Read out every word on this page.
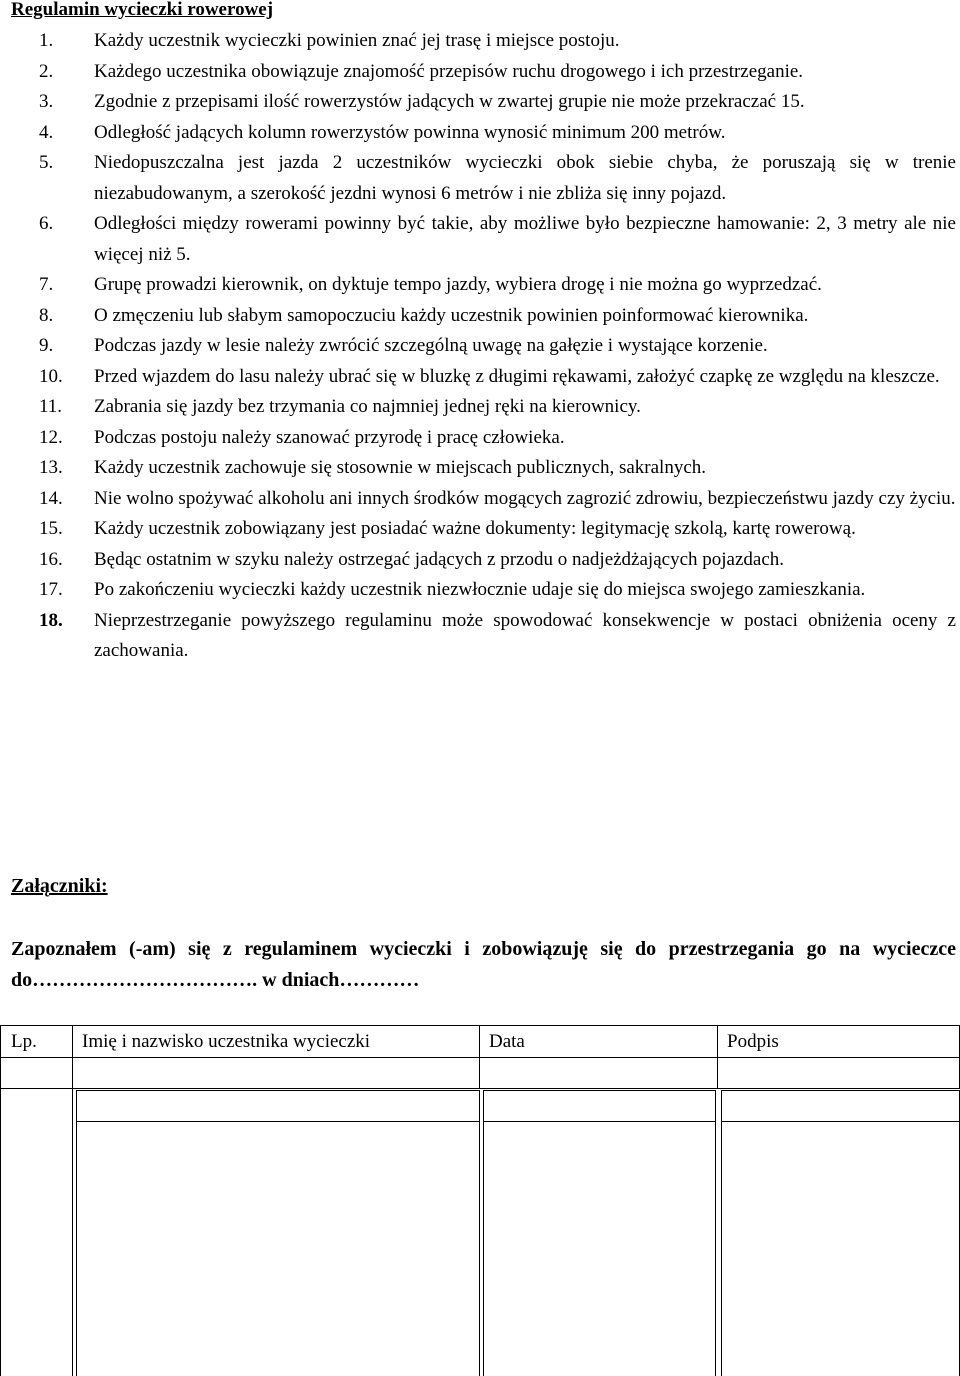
Regulamin wycieczki rowerowej
1.	Każdy uczestnik wycieczki powinien znać jej trasę i miejsce postoju.
2.	Każdego uczestnika obowiązuje znajomość przepisów ruchu drogowego i ich przestrzeganie.
3.	Zgodnie z przepisami ilość rowerzystów jadących w zwartej grupie nie może przekraczać 15.
4.	Odległość jadących kolumn rowerzystów powinna wynosić minimum 200 metrów.
5.	Niedopuszczalna jest jazda 2 uczestników wycieczki obok siebie chyba, że poruszają się w trenie niezabudowanym, a szerokość jezdni wynosi 6 metrów i nie zbliża się inny pojazd.
6.	Odległości między rowerami powinny być takie, aby możliwe było bezpieczne hamowanie: 2, 3 metry ale nie więcej niż 5.
7.	Grupę prowadzi kierownik, on dyktuje tempo jazdy, wybiera drogę i nie można go wyprzedzać.
8.	O zmęczeniu lub słabym samopoczuciu każdy uczestnik powinien poinformować kierownika.
9.	Podczas jazdy w lesie należy zwrócić szczególną uwagę na gałęzie i wystające korzenie.
10.	Przed wjazdem do lasu należy ubrać się w bluzkę z długimi rękawami, założyć czapkę ze względu na kleszcze.
11.	Zabrania się jazdy bez trzymania co najmniej jednej ręki na kierownicy.
12.	Podczas postoju należy szanować przyrodę i pracę człowieka.
13.	Każdy uczestnik zachowuje się stosownie w miejscach publicznych, sakralnych.
14.	Nie wolno spożywać alkoholu ani innych środków mogących zagrozić zdrowiu, bezpieczeństwu jazdy czy życiu.
15.	Każdy uczestnik zobowiązany jest posiadać ważne dokumenty: legitymację szkolą, kartę rowerową.
16.	Będąc ostatnim w szyku należy ostrzegać jadących z przodu o nadjeżdżających pojazdach.
17.	Po zakończeniu wycieczki każdy uczestnik niezwłocznie udaje się do miejsca swojego zamieszkania.
18.	Nieprzestrzeganie powyższego regulaminu może spowodować konsekwencje w postaci obniżenia oceny z zachowania.
Załączniki:
Zapoznałem (-am) się z regulaminem wycieczki i zobowiązuję się do przestrzegania go na wycieczce do……………………………. w dniach…………
Lp. Imię i nazwisko uczestnika wycieczki	Data	Podpis
